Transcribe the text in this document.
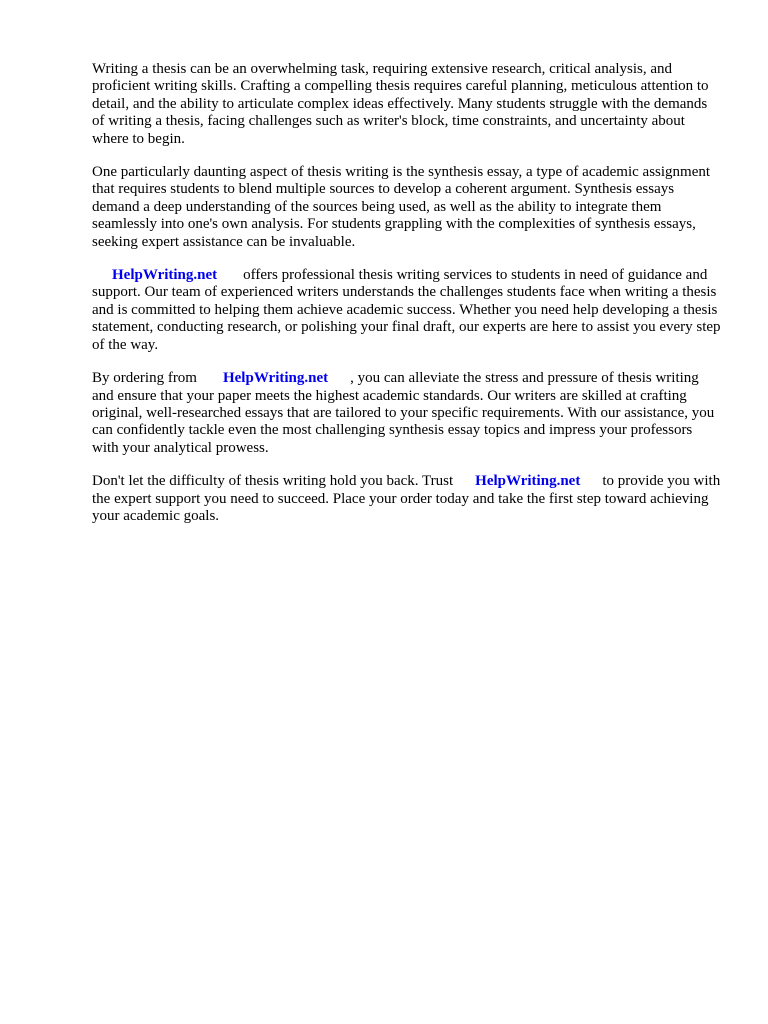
Writing a thesis can be an overwhelming task, requiring extensive research, critical analysis, and proficient writing skills. Crafting a compelling thesis requires careful planning, meticulous attention to detail, and the ability to articulate complex ideas effectively. Many students struggle with the demands of writing a thesis, facing challenges such as writer's block, time constraints, and uncertainty about where to begin.

One particularly daunting aspect of thesis writing is the synthesis essay, a type of academic assignment that requires students to blend multiple sources to develop a coherent argument. Synthesis essays demand a deep understanding of the sources being used, as well as the ability to integrate them seamlessly into one's own analysis. For students grappling with the complexities of synthesis essays, seeking expert assistance can be invaluable.

HelpWriting.net offers professional thesis writing services to students in need of guidance and support. Our team of experienced writers understands the challenges students face when writing a thesis and is committed to helping them achieve academic success. Whether you need help developing a thesis statement, conducting research, or polishing your final draft, our experts are here to assist you every step of the way.

By ordering from HelpWriting.net , you can alleviate the stress and pressure of thesis writing and ensure that your paper meets the highest academic standards. Our writers are skilled at crafting original, well-researched essays that are tailored to your specific requirements. With our assistance, you can confidently tackle even the most challenging synthesis essay topics and impress your professors with your analytical prowess.

Don't let the difficulty of thesis writing hold you back. Trust HelpWriting.net to provide you with the expert support you need to succeed. Place your order today and take the first step toward achieving your academic goals.
